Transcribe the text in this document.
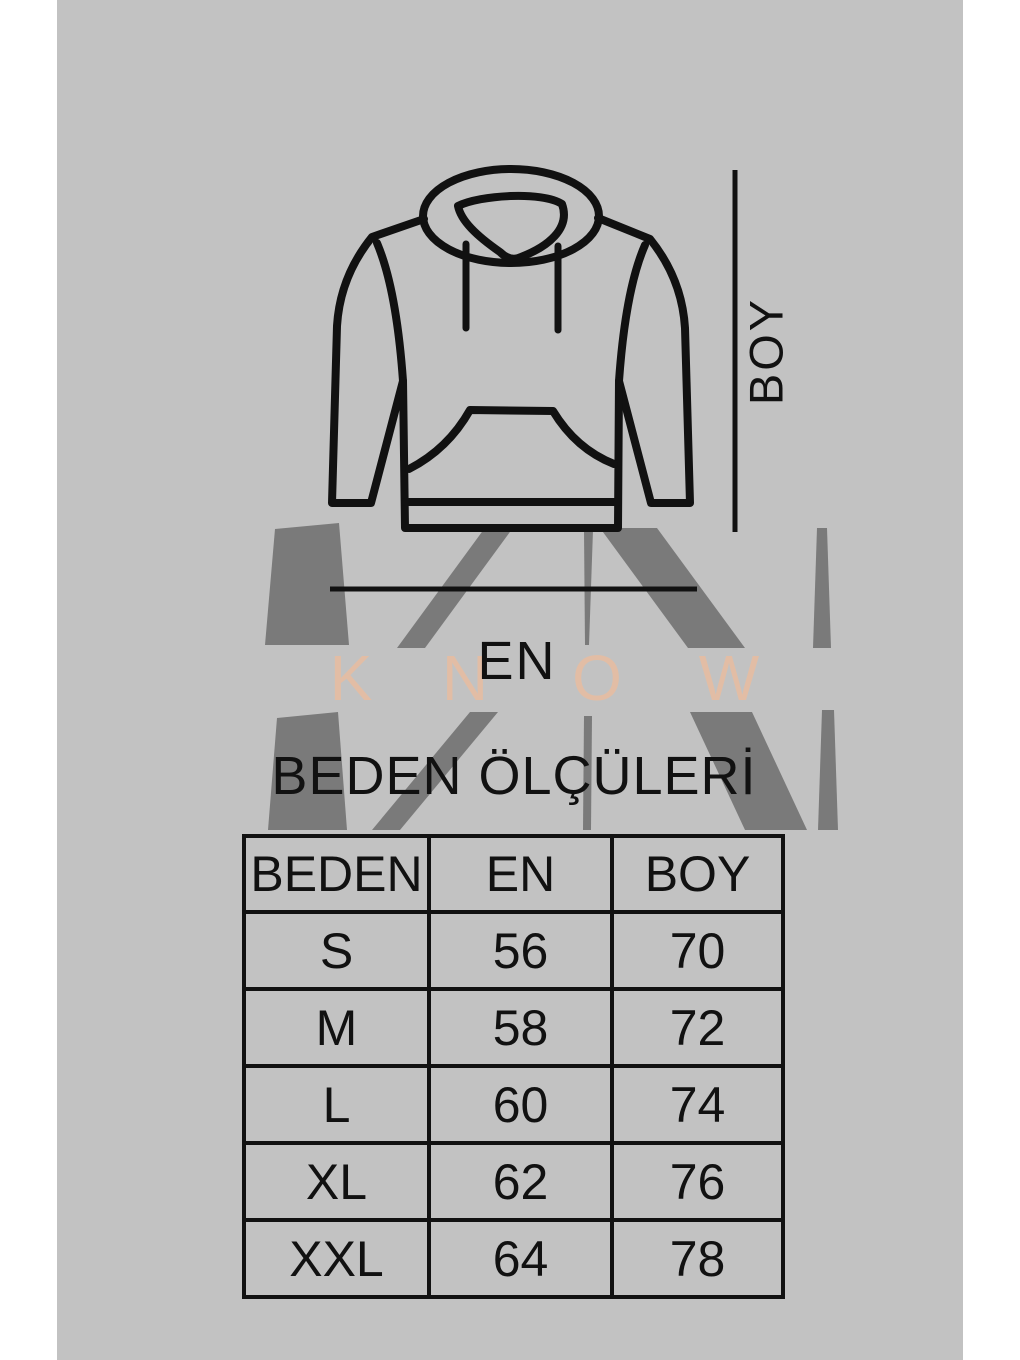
K N O W
BOY
EN
BEDEN ÖLÇÜLERİ
BEDEN	EN	BOY
S	56	70
M	58	72
L	60	74
XL	62	76
XXL	64	78
